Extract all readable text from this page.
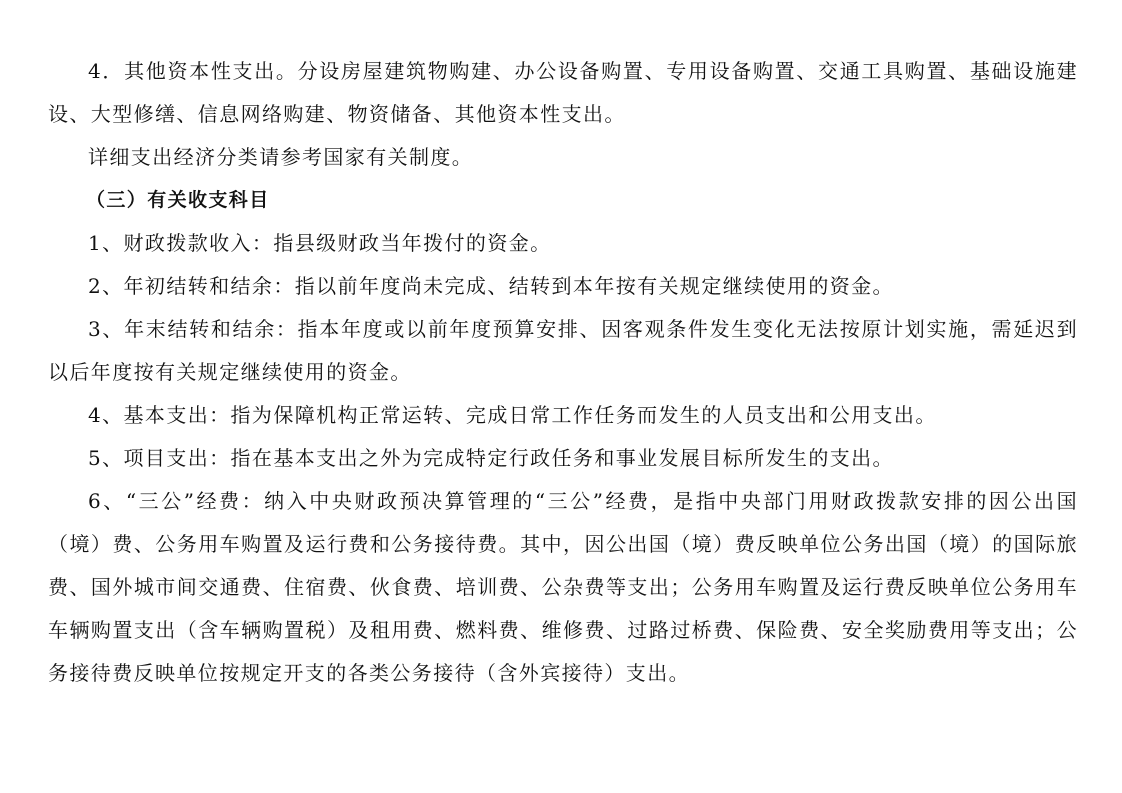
4．其他资本性支出。分设房屋建筑物购建、办公设备购置、专用设备购置、交通工具购置、基础设施建设、大型修缮、信息网络购建、物资储备、其他资本性支出。

详细支出经济分类请参考国家有关制度。

（三）有关收支科目

1、财政拨款收入：指县级财政当年拨付的资金。

2、年初结转和结余：指以前年度尚未完成、结转到本年按有关规定继续使用的资金。

3、年末结转和结余：指本年度或以前年度预算安排、因客观条件发生变化无法按原计划实施，需延迟到以后年度按有关规定继续使用的资金。

4、基本支出：指为保障机构正常运转、完成日常工作任务而发生的人员支出和公用支出。

5、项目支出：指在基本支出之外为完成特定行政任务和事业发展目标所发生的支出。

6、“三公”经费：纳入中央财政预决算管理的“三公”经费，是指中央部门用财政拨款安排的因公出国（境）费、公务用车购置及运行费和公务接待费。其中，因公出国（境）费反映单位公务出国（境）的国际旅费、国外城市间交通费、住宿费、伙食费、培训费、公杂费等支出；公务用车购置及运行费反映单位公务用车车辆购置支出（含车辆购置税）及租用费、燃料费、维修费、过路过桥费、保险费、安全奖励费用等支出；公务接待费反映单位按规定开支的各类公务接待（含外宾接待）支出。
